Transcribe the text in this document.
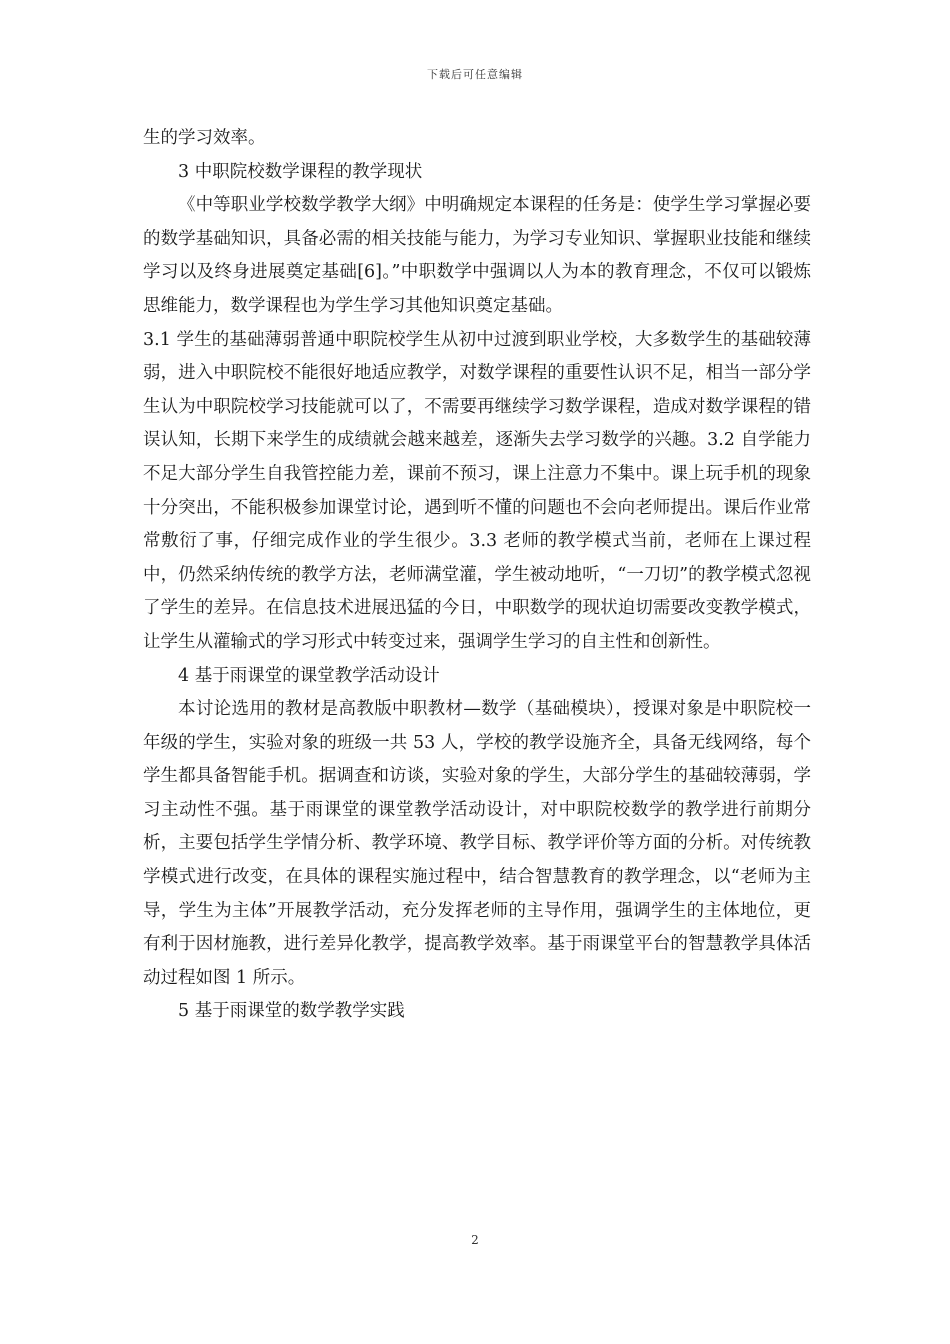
下载后可任意编辑

生的学习效率。

3 中职院校数学课程的教学现状

《中等职业学校数学教学大纲》中明确规定本课程的任务是：使学生学习掌握必要的数学基础知识，具备必需的相关技能与能力，为学习专业知识、掌握职业技能和继续学习以及终身进展奠定基础[6]。”中职数学中强调以人为本的教育理念，不仅可以锻炼思维能力，数学课程也为学生学习其他知识奠定基础。

3.1 学生的基础薄弱普通中职院校学生从初中过渡到职业学校，大多数学生的基础较薄弱，进入中职院校不能很好地适应教学，对数学课程的重要性认识不足，相当一部分学生认为中职院校学习技能就可以了，不需要再继续学习数学课程，造成对数学课程的错误认知，长期下来学生的成绩就会越来越差，逐渐失去学习数学的兴趣。3.2 自学能力不足大部分学生自我管控能力差，课前不预习，课上注意力不集中。课上玩手机的现象十分突出，不能积极参加课堂讨论，遇到听不懂的问题也不会向老师提出。课后作业常常敷衍了事，仔细完成作业的学生很少。3.3 老师的教学模式当前，老师在上课过程中，仍然采纳传统的教学方法，老师满堂灌，学生被动地听，“一刀切”的教学模式忽视了学生的差异。在信息技术进展迅猛的今日，中职数学的现状迫切需要改变教学模式，让学生从灌输式的学习形式中转变过来，强调学生学习的自主性和创新性。

4 基于雨课堂的课堂教学活动设计

本讨论选用的教材是高教版中职教材—数学（基础模块），授课对象是中职院校一年级的学生，实验对象的班级一共 53 人，学校的教学设施齐全，具备无线网络，每个学生都具备智能手机。据调查和访谈，实验对象的学生，大部分学生的基础较薄弱，学习主动性不强。基于雨课堂的课堂教学活动设计，对中职院校数学的教学进行前期分析，主要包括学生学情分析、教学环境、教学目标、教学评价等方面的分析。对传统教学模式进行改变，在具体的课程实施过程中，结合智慧教育的教学理念，以“老师为主导，学生为主体”开展教学活动，充分发挥老师的主导作用，强调学生的主体地位，更有利于因材施教，进行差异化教学，提高教学效率。基于雨课堂平台的智慧教学具体活动过程如图 1 所示。

5 基于雨课堂的数学教学实践

2
